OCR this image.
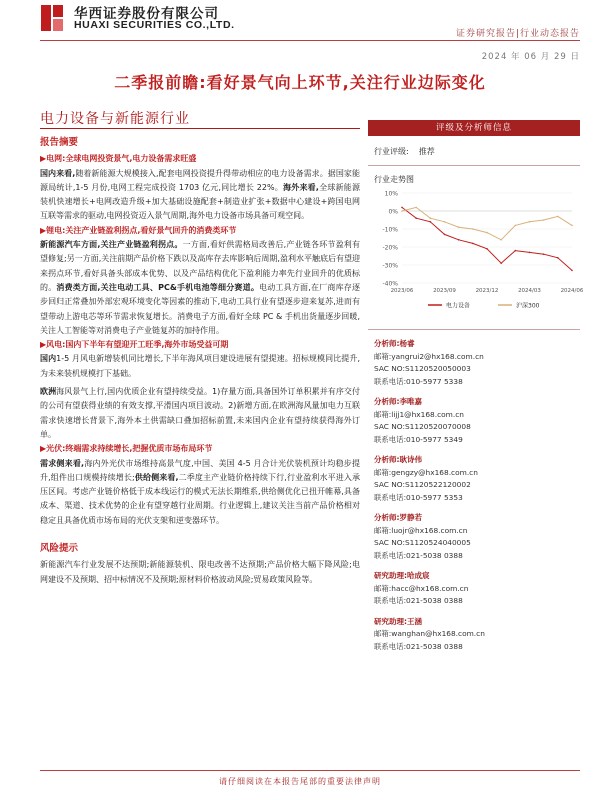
华西证券股份有限公司
HUAXI SECURITIES CO.,LTD.
证券研究报告|行业动态报告
2024 年 06 月 29 日
二季报前瞻:看好景气向上环节,关注行业边际变化
电力设备与新能源行业
报告摘要
▶电网:全球电网投资景气,电力设备需求旺盛
国内来看,随着新能源大规模接入,配套电网投资提升得带动相应的电力设备需求。据国家能源局统计,1-5 月份,电网工程完成投资 1703 亿元,同比增长 22%。海外来看,全球新能源装机快速增长+电网改造升级+加大基础设施配套+制造业扩张+数据中心建设+跨国电网互联等需求的驱动,电网投资迈入景气周期,海外电力设备市场具备可观空间。
▶锂电:关注产业链盈利拐点,看好景气回升的消费类环节
新能源汽车方面,关注产业链盈利拐点。一方面,看好供需格局改善后,产业链各环节盈利有望修复;另一方面,关注前期产品价格下跌以及高库存去库影响后周期,盈利水平触底后有望迎来拐点环节,看好具备头部成本优势、以及产品结构优化下盈利能力率先行业回升的优质标的。消费类方面,关注电动工具、PC&手机电池等细分赛道。电动工具方面,在厂商库存逐步回归正常叠加外部宏观环境变化等因素的推动下,电动工具行业有望逐步迎来复苏,进而有望带动上游电芯等环节需求恢复增长。消费电子方面,看好全球 PC & 手机出货量逐步回暖,关注人工智能等对消费电子产业链复苏的加持作用。
▶风电:国内下半年有望迎开工旺季,海外市场受益可期
国内1-5 月风电新增装机同比增长,下半年海风项目建设进展有望提速。招标规模同比提升,为未来装机规模打下基础。
欧洲海风景气上行,国内优质企业有望持续受益。1)存量方面,具备国外订单积累并有序交付的公司有望获得业绩的有效支撑,平滑国内项目波动。2)新增方面,在欧洲海风量加电力互联需求快速增长背景下,海外本土供需缺口叠加招标前置,未来国内企业有望持续获得海外订单。
▶光伏:终端需求持续增长,把握优质市场布局环节
需求侧来看,海内外光伏市场维持高景气度,中国、美国 4-5 月合计光伏装机预计均稳步提升,组件出口规模持续增长;供给侧来看,二季度主产业链价格持续下行,行业盈利水平进入承压区间。考虑产业链价格低于成本线运行的模式无法长期维系,供给侧优化已扭开帷幕,具备成本、渠道、技术优势的企业有望穿越行业周期。行业逻辑上,建议关注当前产品价格相对稳定且具备优质市场布局的光伏支架和逆变器环节。
风险提示
新能源汽车行业发展不达预期;新能源装机、限电改善不达预期;产品价格大幅下降风险;电网建设不及预期、招中标情况不及预期;原材料价格波动风险;贸易政策风险等。
评级及分析师信息
行业评级: 推荐
行业走势图
10%
0%
-10%
-20%
-30%
-40%
2023/06	2023/09	2023/12	2024/03	2024/06
电力设备	沪深300
分析师:杨睿
邮箱:yangrui2@hx168.com.cn
SAC NO:S1120520050003
联系电话:010-5977 5338
分析师:李唯嘉
邮箱:lijj1@hx168.com.cn
SAC NO:S1120520070008
联系电话:010-5977 5349
分析师:耿诗伟
邮箱:gengzy@hx168.com.cn
SAC NO:S1120522120002
联系电话:010-5977 5353
分析师:罗静若
邮箱:luojr@hx168.com.cn
SAC NO:S1120524040005
联系电话:021-5038 0388
研究助理:哈成宸
邮箱:hacc@hx168.com.cn
联系电话:021-5038 0388
研究助理:王涵
邮箱:wanghan@hx168.com.cn
联系电话:021-5038 0388
请仔细阅读在本报告尾部的重要法律声明
